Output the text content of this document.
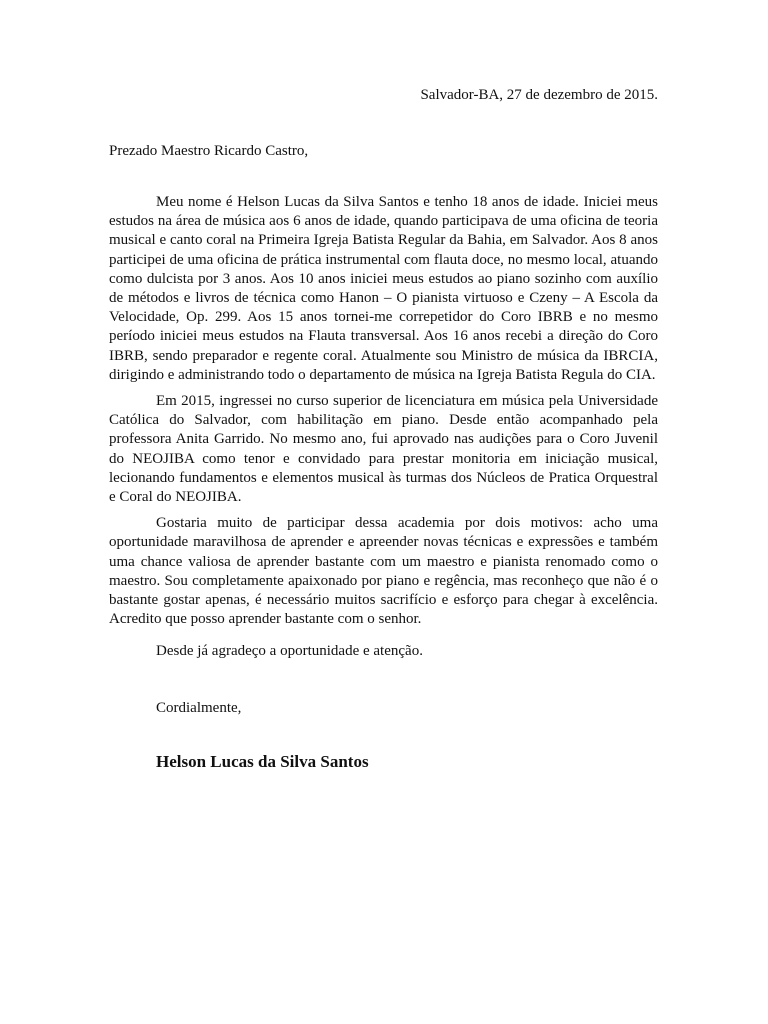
Salvador-BA, 27 de dezembro de 2015.
Prezado Maestro Ricardo Castro,

Meu nome é Helson Lucas da Silva Santos e tenho 18 anos de idade. Iniciei meus estudos na área de música aos 6 anos de idade, quando participava de uma oficina de teoria musical e canto coral na Primeira Igreja Batista Regular da Bahia, em Salvador. Aos 8 anos participei de uma oficina de prática instrumental com flauta doce, no mesmo local, atuando como dulcista por 3 anos. Aos 10 anos iniciei meus estudos ao piano sozinho com auxílio de métodos e livros de técnica como Hanon – O pianista virtuoso e Czeny – A Escola da Velocidade, Op. 299. Aos 15 anos tornei-me correpetidor do Coro IBRB e no mesmo período iniciei meus estudos na Flauta transversal. Aos 16 anos recebi a direção do Coro IBRB, sendo preparador e regente coral. Atualmente sou Ministro de música da IBRCIA, dirigindo e administrando todo o departamento de música na Igreja Batista Regula do CIA.

Em 2015, ingressei no curso superior de licenciatura em música pela Universidade Católica do Salvador, com habilitação em piano. Desde então acompanhado pela professora Anita Garrido. No mesmo ano, fui aprovado nas audições para o Coro Juvenil do NEOJIBA como tenor e convidado para prestar monitoria em iniciação musical, lecionando fundamentos e elementos musical às turmas dos Núcleos de Pratica Orquestral e Coral do NEOJIBA.

Gostaria muito de participar dessa academia por dois motivos: acho uma oportunidade maravilhosa de aprender e apreender novas técnicas e expressões e também uma chance valiosa de aprender bastante com um maestro e pianista renomado como o maestro. Sou completamente apaixonado por piano e regência, mas reconheço que não é o bastante gostar apenas, é necessário muitos sacrifício e esforço para chegar à excelência. Acredito que posso aprender bastante com o senhor.

Desde já agradeço a oportunidade e atenção.
Cordialmente,
Helson Lucas da Silva Santos
